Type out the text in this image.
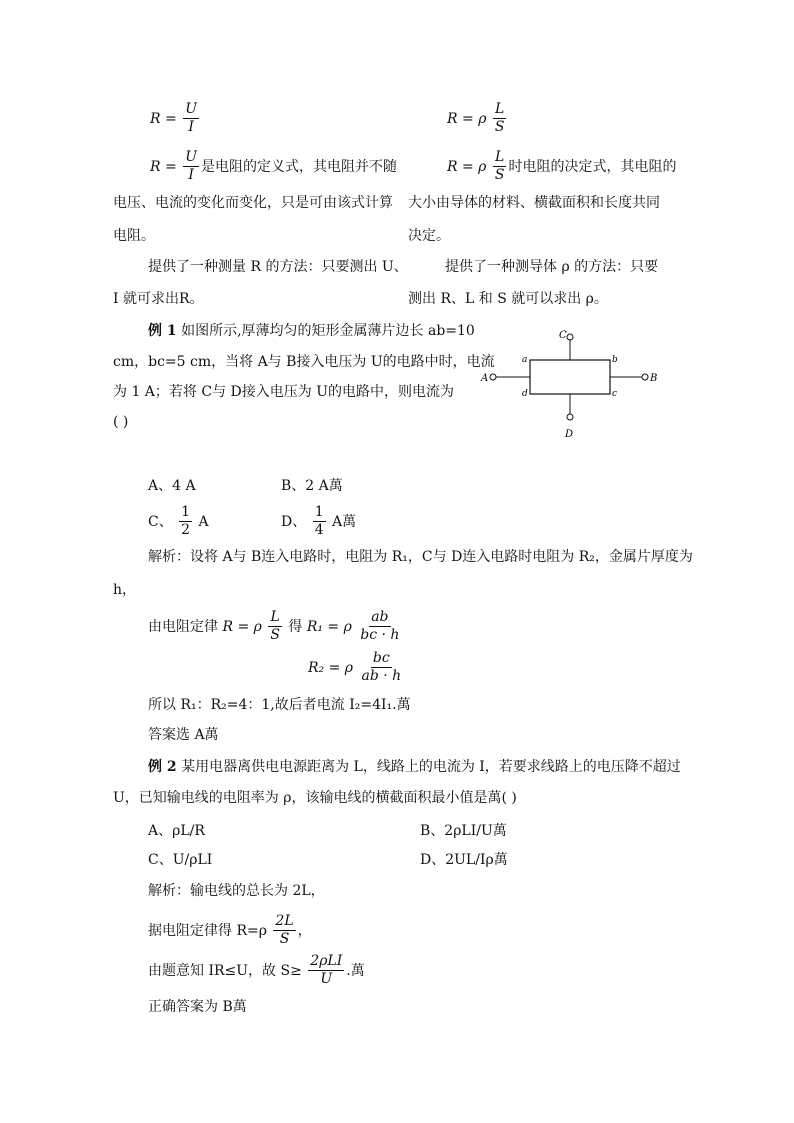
$R = \frac{U}{I}$	R = ρ $\frac{L}{S}$
$R = \frac{U}{I}$ 是电阻的定义式，其电阻并不随
电压、电流的变化而变化，只是可由该式计算
电阻。
提供了一种测量 R 的方法：只要测出 U、
I 就可求出R。
R = ρ $\frac{L}{S}$ 时电阻的决定式，其电阻的
大小由导体的材料、横截面积和长度共同
决定。
提供了一种测导体 ρ 的方法：只要
测出 R、L 和 S 就可以求出 ρ。
例 1 如图所示,厚薄均匀的矩形金属薄片边长 ab=10
cm，bc=5 cm，当将 A与 B接入电压为 U的电路中时，电流
为 1 A；若将 C与 D接入电压为 U的电路中，则电流为
( )
C
D
A	B
a	b
c
d
A、4 A	B、2 A萬
C、 $\frac{1}{2}$ A	D、 $\frac{1}{4}$ A萬
解析：设将 A与 B连入电路时，电阻为 R₁，C与 D连入电路时电阻为 R₂，金属片厚度为
h，
由电阻定律 R = ρ $\frac{L}{S}$ 得 R₁ = ρ $\frac{ab}{bc \cdot h}$
R₂ = ρ $\frac{bc}{ab \cdot h}$
所以 R₁：R₂=4：1,故后者电流 I₂=4I₁.萬
答案选 A萬
例 2 某用电器离供电电源距离为 L，线路上的电流为 I，若要求线路上的电压降不超过
U，已知输电线的电阻率为 ρ，该输电线的横截面积最小值是萬( )
A、ρL/R	B、2ρLI/U萬
C、U/ρLI	D、2UL/Iρ萬
解析：输电线的总长为 2L，
据电阻定律得 $R=\rho \frac{2L}{S}$ ，
由题意知 IR≤U，故 $S\ge \frac{\text{2ρLI}}{U}$ .萬
正确答案为 B萬
